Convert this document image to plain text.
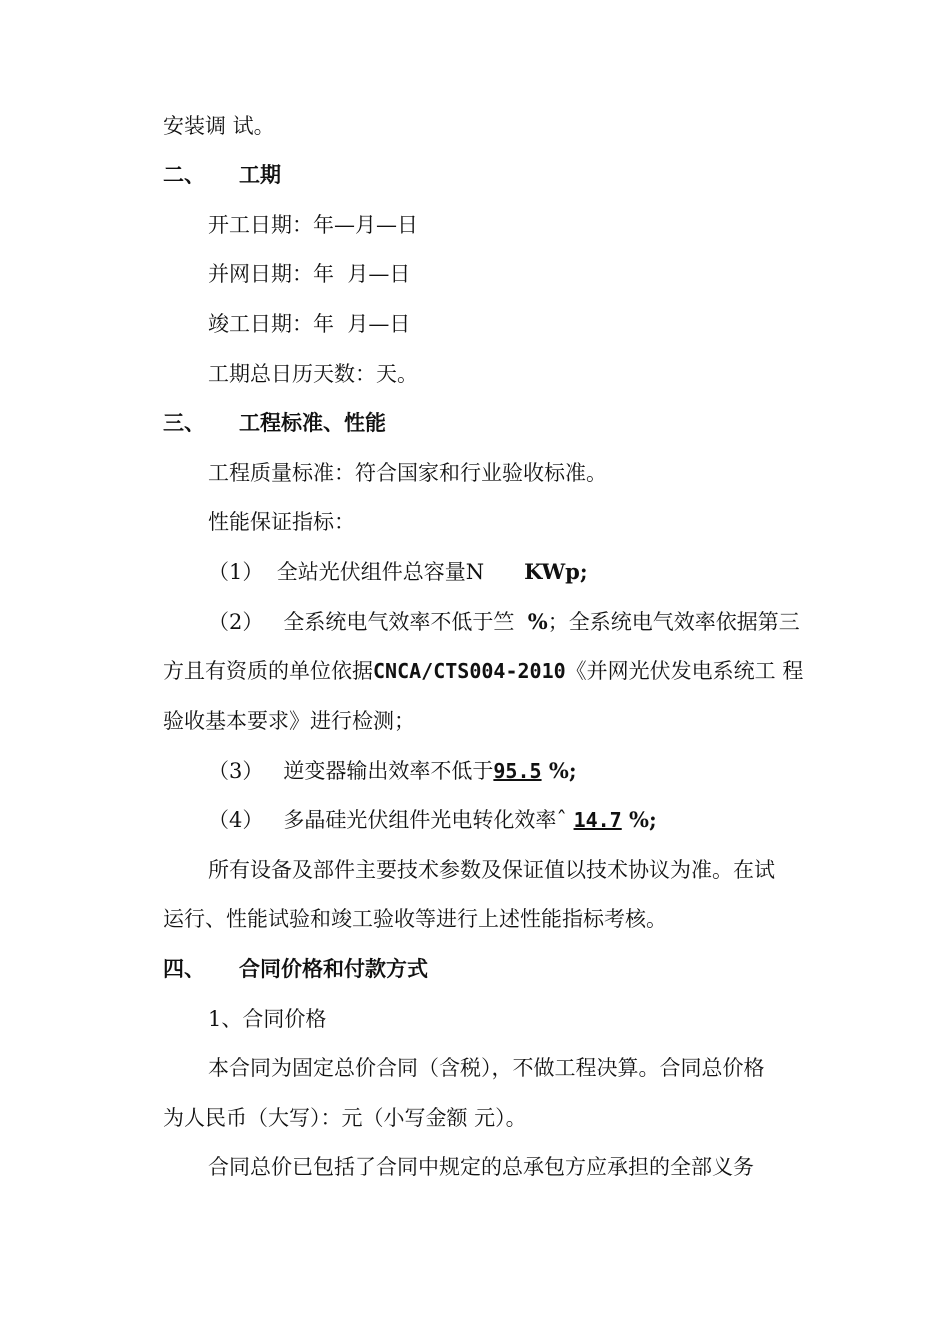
安装调 试。
二、 工期
开工日期：年—月—日
并网日期：年  月—日
竣工日期：年  月—日
工期总日历天数：天。
三、 工程标准、性能
工程质量标准：符合国家和行业验收标准。
性能保证指标：
（1）  全站光伏组件总容量N KWp;
（2）   全系统电气效率不低于竺  %；全系统电气效率依据第三
方且有资质的单位依据CNCA/CTS004-2010《并网光伏发电系统工 程
验收基本要求》进行检测；
（3）   逆变器输出效率不低于95.5 %;
（4）   多晶硅光伏组件光电转化效率ˆ 14.7 %;
所有设备及部件主要技术参数及保证值以技术协议为准。在试
运行、性能试验和竣工验收等进行上述性能指标考核。
四、 合同价格和付款方式
1、合同价格
本合同为固定总价合同（含税），不做工程决算。合同总价格
为人民币（大写）：元（小写金额 元）。
合同总价已包括了合同中规定的总承包方应承担的全部义务
